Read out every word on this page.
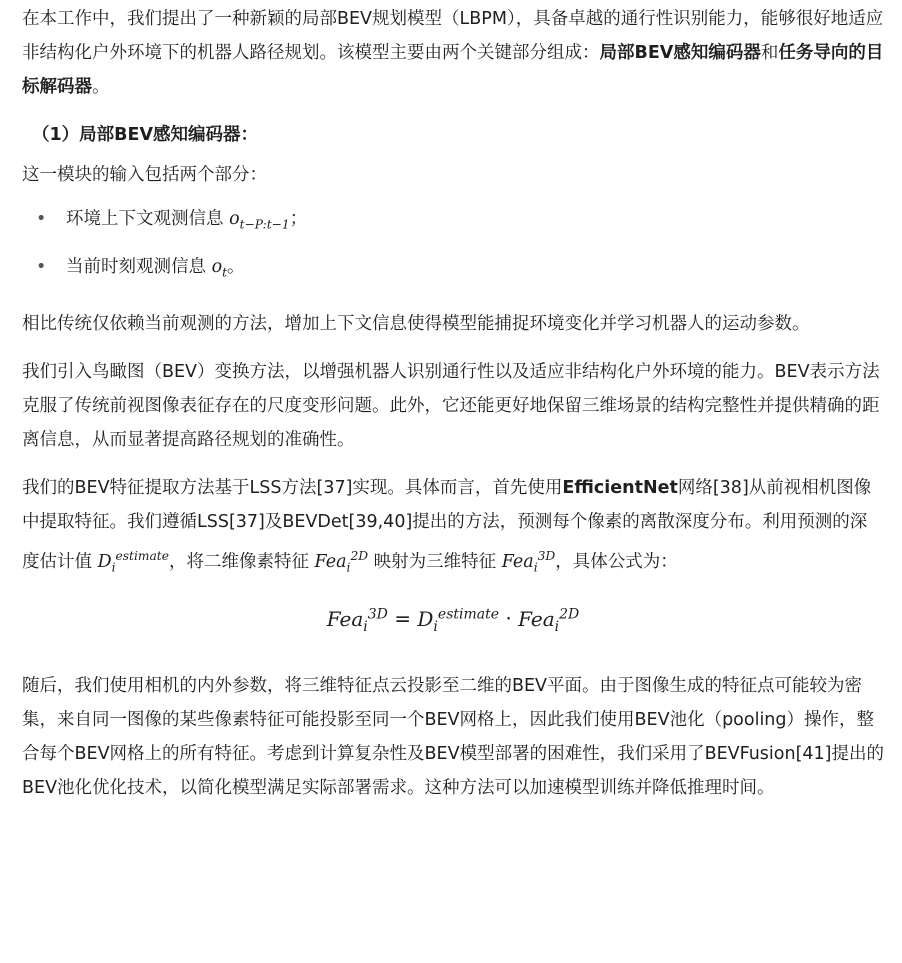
在本工作中，我们提出了一种新颖的局部BEV规划模型（LBPM），具备卓越的通行性识别能力，能够很好地适应非结构化户外环境下的机器人路径规划。该模型主要由两个关键部分组成：局部BEV感知编码器和任务导向的目标解码器。

（1）局部BEV感知编码器：

这一模块的输入包括两个部分：

• 环境上下文观测信息 $o_{t-P:t-1}$；
• 当前时刻观测信息 $o_t$。

相比传统仅依赖当前观测的方法，增加上下文信息使得模型能捕捉环境变化并学习机器人的运动参数。

我们引入鸟瞰图（BEV）变换方法，以增强机器人识别通行性以及适应非结构化户外环境的能力。BEV表示方法克服了传统前视图像表征存在的尺度变形问题。此外，它还能更好地保留三维场景的结构完整性并提供精确的距离信息，从而显著提高路径规划的准确性。

我们的BEV特征提取方法基于LSS方法[37]实现。具体而言，首先使用EfficientNet网络[38]从前视相机图像中提取特征。我们遵循LSS[37]及BEVDet[39,40]提出的方法，预测每个像素的离散深度分布。利用预测的深度估计值 $D_i^{estimate}$，将二维像素特征 Fea$_i^{2D}$ 映射为三维特征 Fea$_i^{3D}$，具体公式为：

$Fea_i^{3D} = D_i^{estimate} \cdot Fea_i^{2D}$

随后，我们使用相机的内外参数，将三维特征点云投影至二维的BEV平面。由于图像生成的特征点可能较为密集，来自同一图像的某些像素特征可能投影至同一个BEV网格上，因此我们使用BEV池化（pooling）操作，整合每个BEV网格上的所有特征。考虑到计算复杂性及BEV模型部署的困难性，我们采用了BEVFusion[41]提出的BEV池化优化技术，以简化模型满足实际部署需求。这种方法可以加速模型训练并降低推理时间。
